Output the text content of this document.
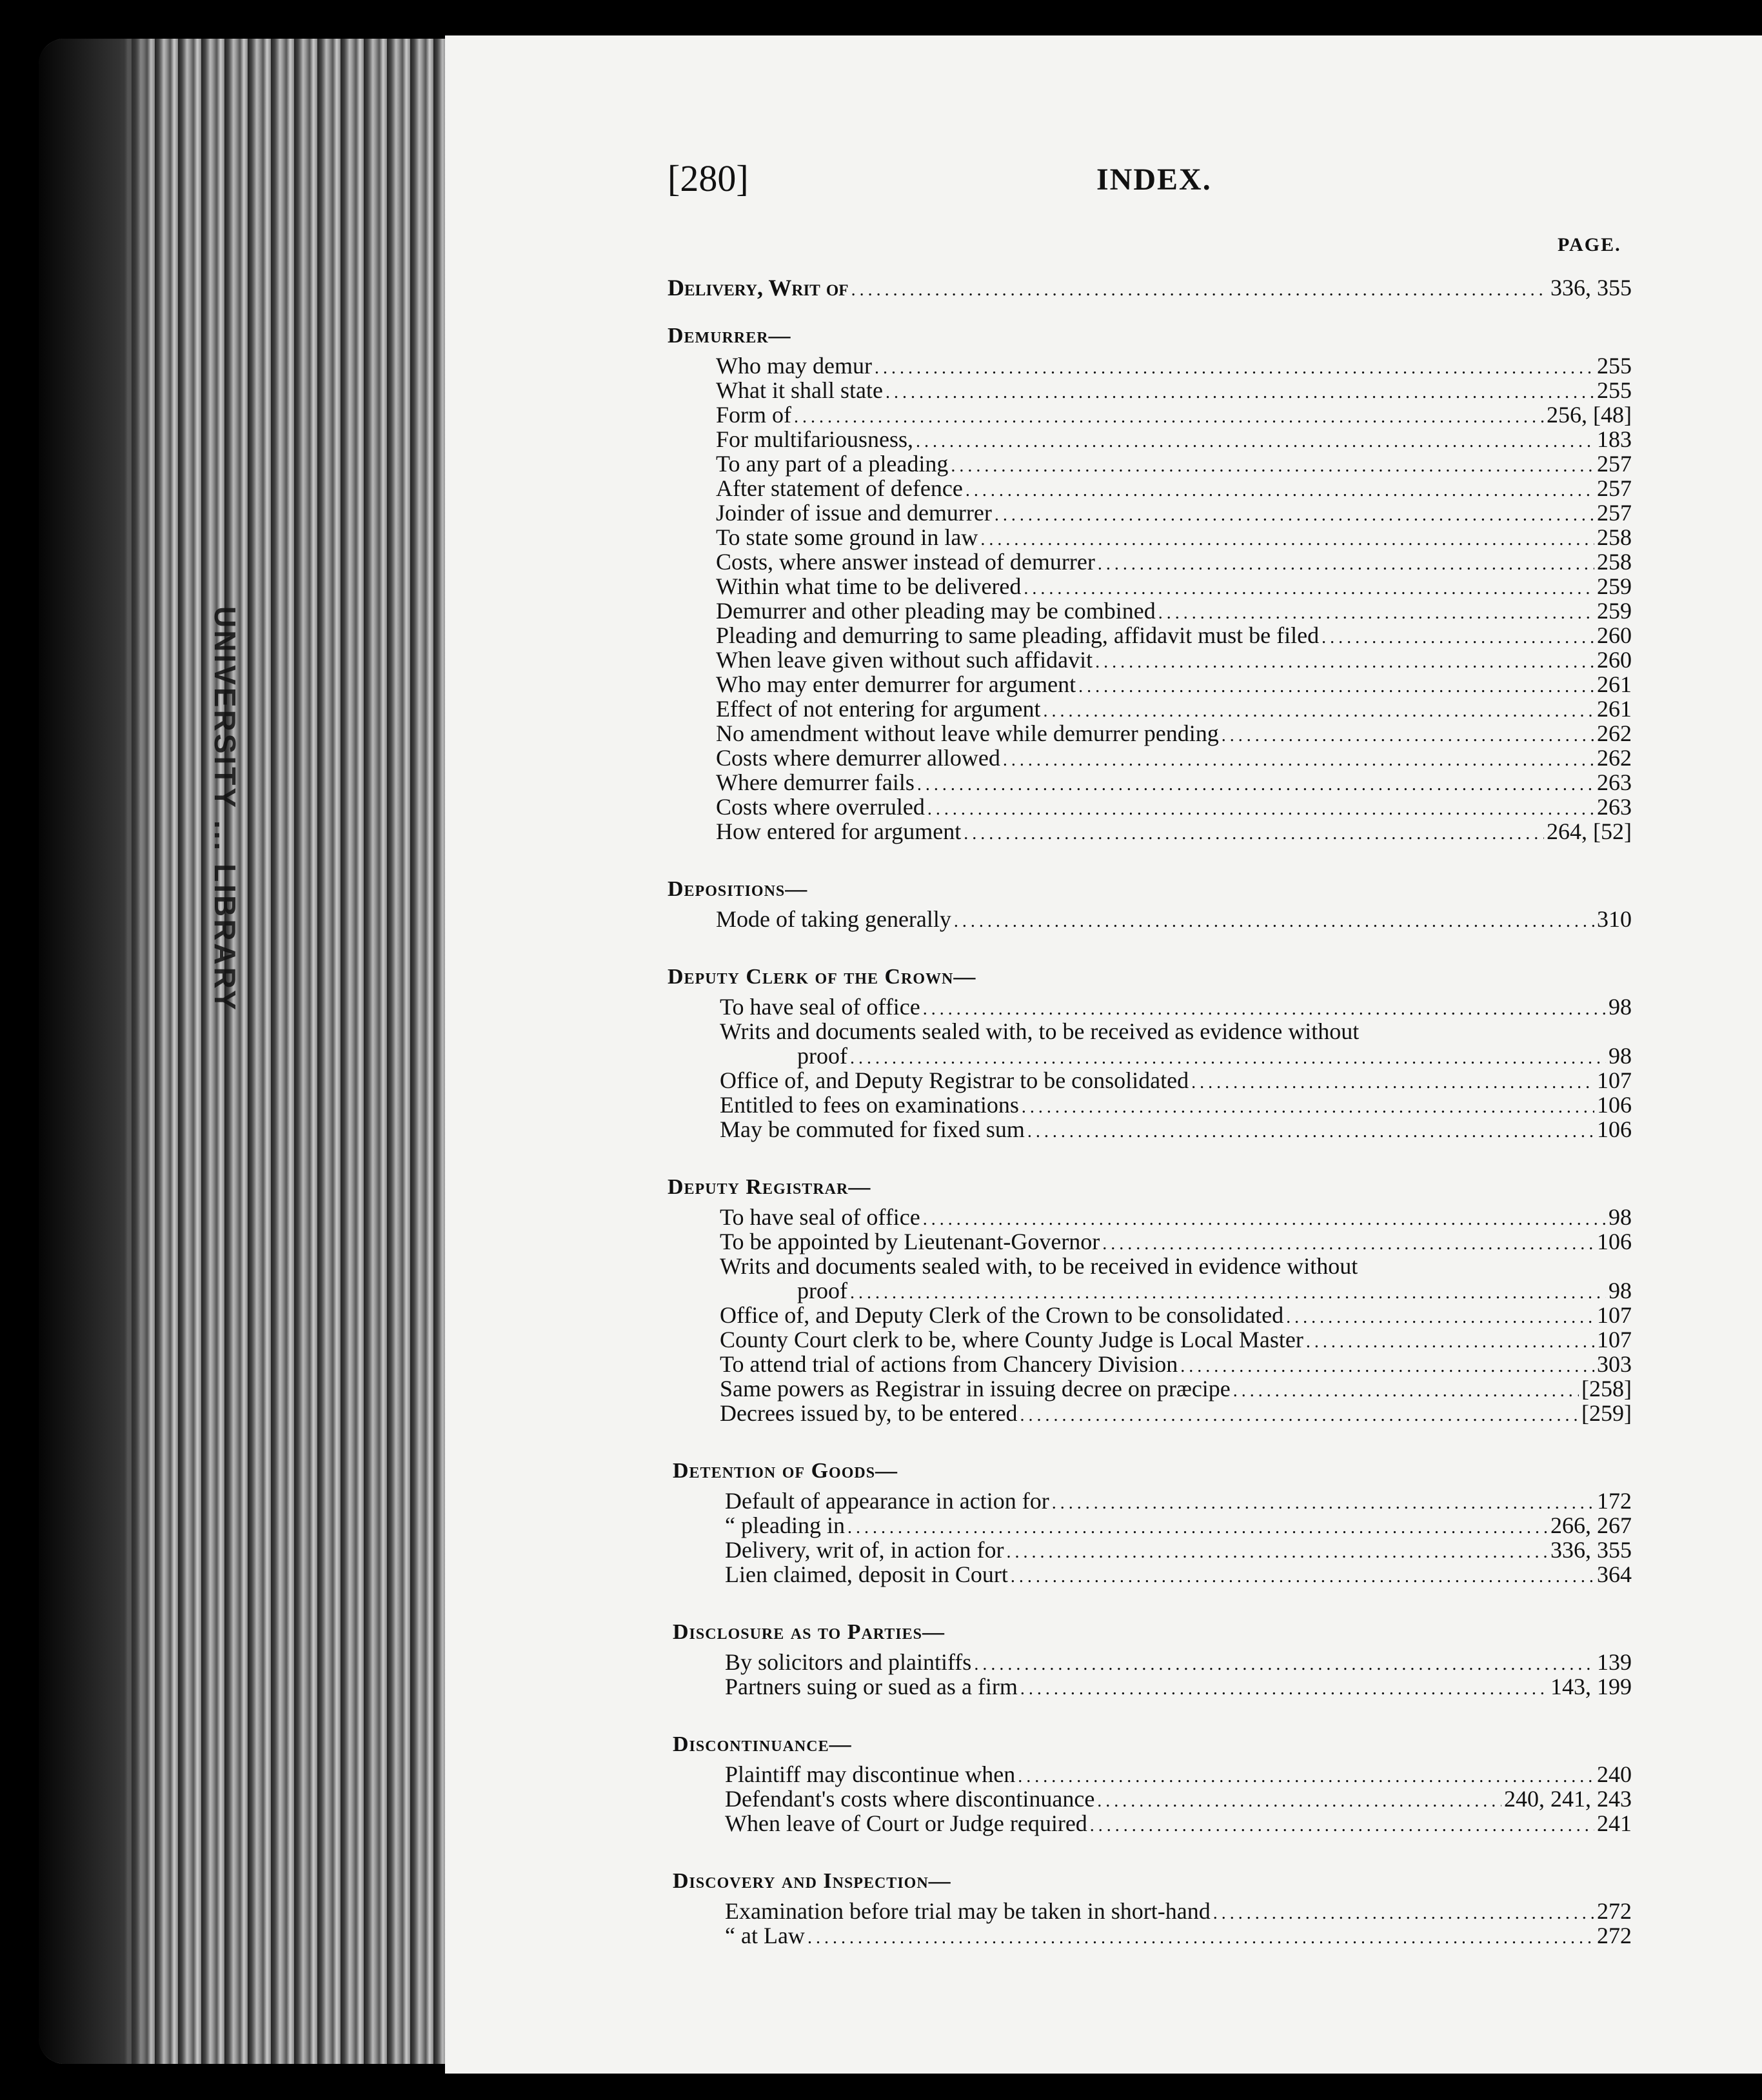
UNIVERSITY ... LIBRARY
[280]	INDEX.
PAGE.
Delivery, Writ of .....	336, 355
Demurrer—
Who may demur .....	255
What it shall state .....	255
Form of .....	256, [48]
For multifariousness, .....	183
To any part of a pleading .....	257
After statement of defence .....	257
Joinder of issue and demurrer .....	257
To state some ground in law .....	258
Costs, where answer instead of demurrer .....	258
Within what time to be delivered .....	259
Demurrer and other pleading may be combined .....	259
Pleading and demurring to same pleading, affidavit must be filed .....	260
When leave given without such affidavit .....	260
Who may enter demurrer for argument .....	261
Effect of not entering for argument .....	261
No amendment without leave while demurrer pending .....	262
Costs where demurrer allowed .....	262
Where demurrer fails .....	263
Costs where overruled .....	263
How entered for argument .....	264, [52]
Depositions—
Mode of taking generally .....	310
Deputy Clerk of the Crown—
To have seal of office .....	98
Writs and documents sealed with, to be received as evidence without
proof .....	98
Office of, and Deputy Registrar to be consolidated .....	107
Entitled to fees on examinations .....	106
May be commuted for fixed sum .....	106
Deputy Registrar—
To have seal of office .....	98
To be appointed by Lieutenant-Governor .....	106
Writs and documents sealed with, to be received in evidence without
proof .....	98
Office of, and Deputy Clerk of the Crown to be consolidated .....	107
County Court clerk to be, where County Judge is Local Master .....	107
To attend trial of actions from Chancery Division .....	303
Same powers as Registrar in issuing decree on præcipe .....	[258]
Decrees issued by, to be entered .....	[259]
Detention of Goods—
Default of appearance in action for .....	172
“ pleading in .....	266, 267
Delivery, writ of, in action for .....	336, 355
Lien claimed, deposit in Court .....	364
Disclosure as to Parties—
By solicitors and plaintiffs .....	139
Partners suing or sued as a firm .....	143, 199
Discontinuance—
Plaintiff may discontinue when .....	240
Defendant's costs where discontinuance .....	240, 241, 243
When leave of Court or Judge required .....	241
Discovery and Inspection—
Examination before trial may be taken in short-hand .....	272
“ at Law .....	272
